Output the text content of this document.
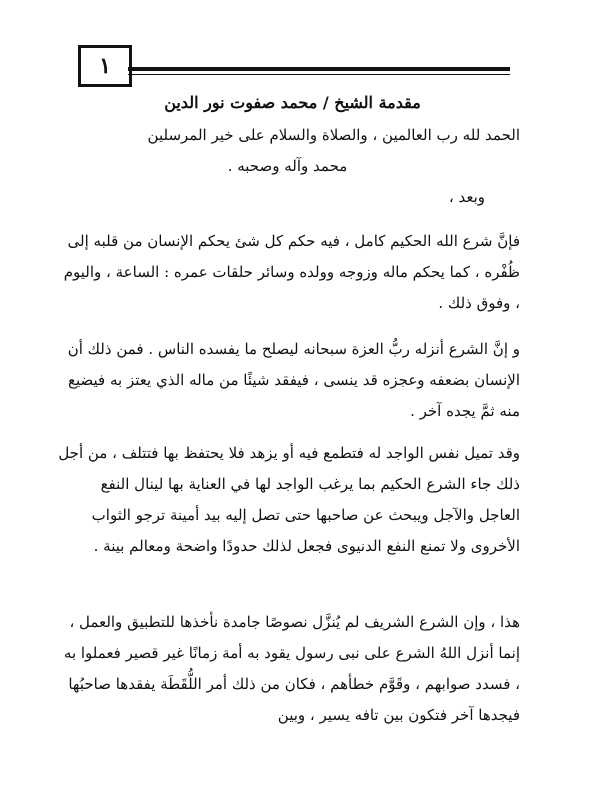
١
مقدمة الشيخ / محمد صفوت نور الدين

الحمد لله رب العالمين ، والصلاة والسلام على خير المرسلين

محمد وآله وصحبه .

وبعد ،

فإنَّ شرع الله الحكيم كامل ، فيه حكم كل شئ يحكم الإنسان من قلبه إلى ظُفْره ، كما يحكم ماله وزوجه وولده وسائر حلقات عمره : الساعة ، واليوم ، وفوق ذلك .

و إنَّ الشرع أنزله ربُّ العزة سبحانه ليصلح ما يفسده الناس . فمن ذلك أن الإنسان بضعفه وعجزه قد ينسى ، فيفقد شيئًا من ماله الذي يعتز به فيضيع منه ثمَّ يجده آخر .

وقد تميل نفس الواجد له فتطمع فيه أو يزهد فلا يحتفظ بها فتتلف ، من أجل ذلك جاء الشرع الحكيم بما يرغب الواجد لها في العناية بها لينال النفع العاجل والآجل ويبحث عن صاحبها حتى تصل إليه بيد أمينة ترجو الثواب الأخروى ولا تمنع النفع الدنيوى فجعل لذلك حدودًا واضحة ومعالم بينة .

هذا ، وإن الشرع الشريف لم يُنزَّل نصوصًا جامدة نأخذها للتطبيق والعمل ، إنما أنزل اللهُ الشرع على نبى رسول يقود به أمة زمانًا غير قصير فعملوا به ، فسدد صوابهم ، وقَوَّم خطأهم ، فكان من ذلك أمر اللُّقَطَة يفقدها صاحبُها فيجدها آخر فتكون بين تافه يسير ، وبين
